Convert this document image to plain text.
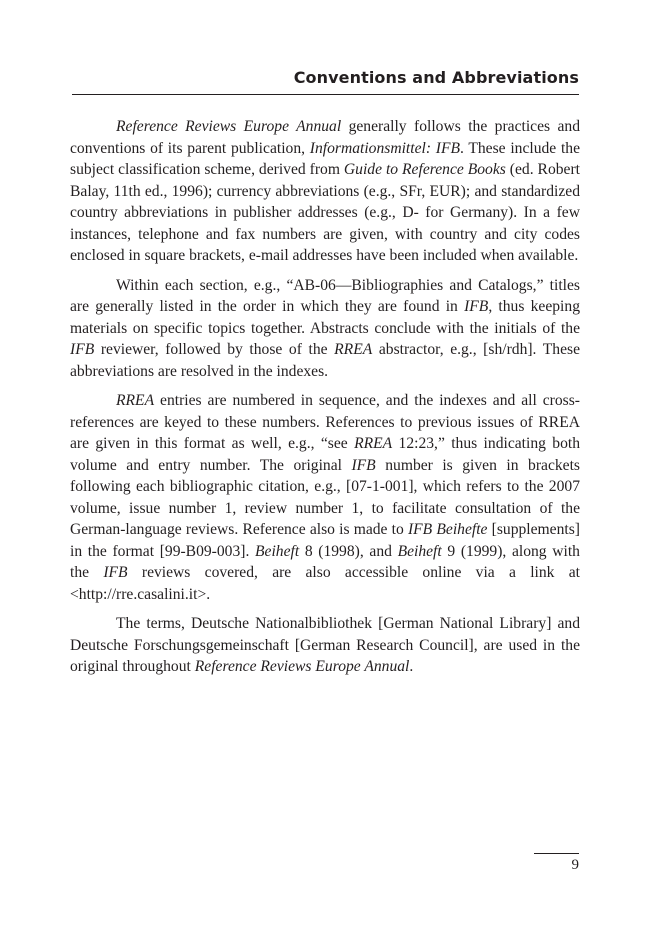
Conventions and Abbreviations

Reference Reviews Europe Annual generally follows the practices and conventions of its parent publication, Informationsmittel: IFB. These include the subject classification scheme, derived from Guide to Reference Books (ed. Robert Balay, 11th ed., 1996); currency abbreviations (e.g., SFr, EUR); and standardized country abbreviations in publisher addresses (e.g., D- for Germany). In a few instances, telephone and fax numbers are given, with country and city codes enclosed in square brackets, e-mail addresses have been included when available.

Within each section, e.g., “AB-06—Bibliographies and Catalogs,” titles are generally listed in the order in which they are found in IFB, thus keeping materials on specific topics together. Abstracts conclude with the initials of the IFB reviewer, followed by those of the RREA abstractor, e.g., [sh/rdh]. These abbreviations are resolved in the indexes.

RREA entries are numbered in sequence, and the indexes and all cross-references are keyed to these numbers. References to previous issues of RREA are given in this format as well, e.g., “see RREA 12:23,” thus indicating both volume and entry number. The original IFB number is given in brackets following each bibliographic citation, e.g., [07-1-001], which refers to the 2007 volume, issue number 1, review number 1, to facilitate consultation of the German-language reviews. Reference also is made to IFB Beihefte [supplements] in the format [99-B09-003]. Beiheft 8 (1998), and Beiheft 9 (1999), along with the IFB reviews covered, are also accessible online via a link at <http://rre.casalini.it>.

The terms, Deutsche Nationalbibliothek [German National Library] and Deutsche Forschungsgemeinschaft [German Research Council], are used in the original throughout Reference Reviews Europe Annual.

9
